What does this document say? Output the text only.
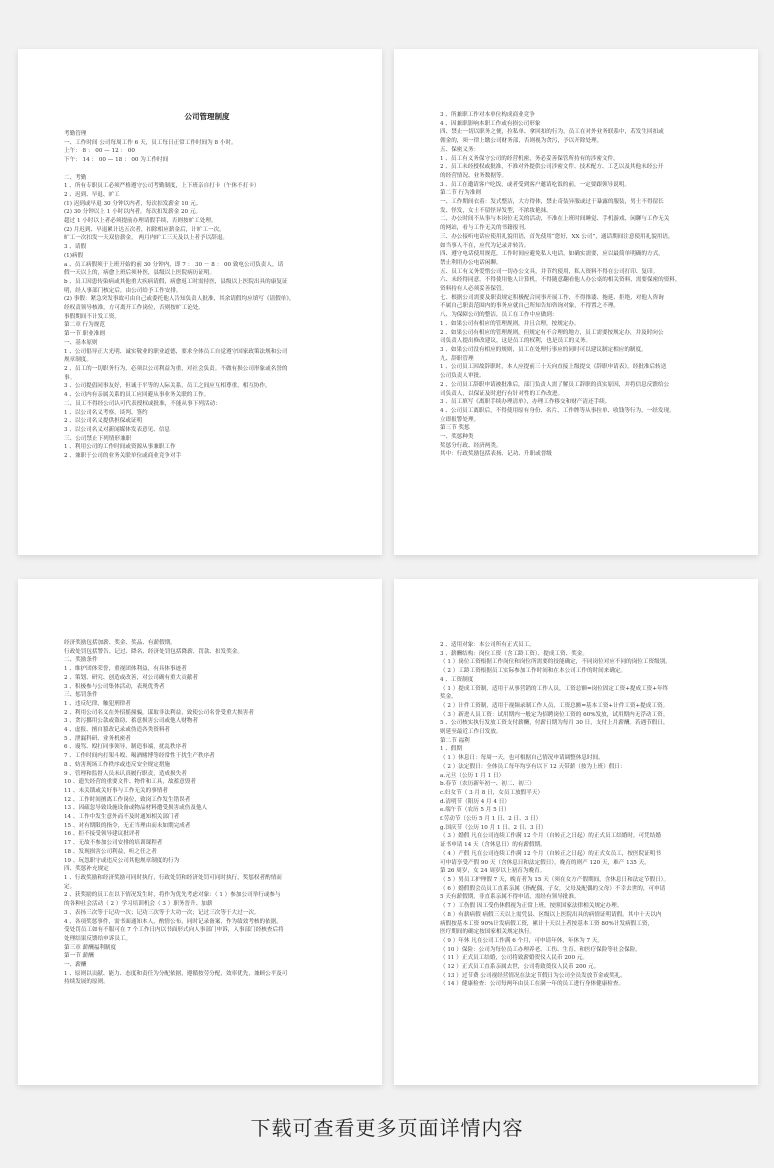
公司管理制度
考勤管理
一、工作时间 公司每周工作 6 天，员工每日正常工作时间为 8 小时。
上午： 8 ： 00 — 12 ： 00
下午： 14 ： 00 — 18 ： 00 为工作时间

二、考勤
1 、所有专职员工必须严格遵守公司考勤制度，上下班亲自打卡（午休不打卡）
2 、迟到、早退、旷工
(1) 迟到或早退 30 分钟以内者，每次扣发薪金 10 元。
(2) 30 分钟以上 1 小时以内者，每次扣发薪金 20 元。
超过 1 小时以上者必须提前办理请假手续，否则按旷工处理。
(2) 月迟到、早退累计达五次者，扣除相应薪金后，计旷工一次。
旷工一次扣发一天双倍薪金， 两月内旷工三天及以上者予以辞退。
3 、请假
(1)病假
a 、员工病假须于上班开始的前 30 分钟内，即 7 ： 30 － 8 ： 00 致电公司负责人，请
假一天以上的，病愈上班后须补医，县级以上医院病历证明。
b 、员工因患传染病或其他重大疾病请假，病愈返工时需持医，县级以上医院出具的康复证
明，经人事部门核定后，由公司给予工作安排。
(2) 事假：紧急突发事故可由自己或委托他人告知负责人批准，其余请假均应填写《请假单》，
经权责领导核准，方可离开工作岗位，否则按旷工论处。
事假期间不计发工资。
第二章 行为规范
第一节 职业准则
一、基本原则
1 、公司倡导正大光明、诚实敬业的职业道德，要求全体员工自觉遵守国家政策法规和公司
规章制度。
2 、员工的一切职务行为，必须以公司利益为重，对社会负责。不做有损公司形象或名誉的
事。
3 、公司提倡同事友好，但诚于平等的人际关系，员工之间应互相尊重，相互协作。
4 、公司内有亲属关系的员工应回避从事业务关联的工作。
二、员工不得经公司认可代表授权或批准，不能从事下列活动：
1 、以公司名义考察、谈判、签约
2 、以公司名义提供担保或证明
3 、以公司名义对新闻媒体发表意见、信息
三、公司禁止下列情形兼职
1 、利用公司的工作时间或资源从事兼职工作
2 、兼职于公司的业务关联单位或商业竞争对手
3 、所兼职工作对本单位构成商业竞争
4 、因兼职影响本职工作或有损公司形象
四、禁止一切以职务之便，拉私单、拿回扣的行为，员工在对外业务联系中，若发生回扣或
佣金的，须一律上缴公司财务部，否则视为贪污，予以开除处理。
五、保密义务：
1 、员工有义务保守公司的经营机密，务必妥善保管所持有的涉密文件。
2 、员工未经授权或批准，不准对外提供公司涉密文件、技术配方、工艺以及其他未经公开
的经营情况、业务数据等。
3 、员工在邀请客户吃饭，或者受到客户邀请吃饭的前，一定要跟领导说明。
第二节 行为准则
一、工作期间衣着：发式整洁，大方得体，禁止奇装异服或过于暴露的服装，男士不得留长
发、怪发，女士不留怪异发型，不浓妆艳抹。
二、办公时间不从事与本岗位无关的活动，不准在上班时间睡觉、手机游戏、闲聊与工作无关
的网站，看与工作无关的书籍报刊。
三、办公接听电话应使用礼貌用语，首先使用“您好，XX 公司”，通话期间注意使用礼貌用语，
如当事人不在，应代为记录并转告。
四、遵守电话使用规范，工作时间应避免私人电话，如确实需要，应以最简单明确的方式，
禁止利用办公电话闲聊。
五、员工有义务爱惜公司一切办公文具，并节约使用，私人资料不得在公司打印、复印。
六、未经得同意，不得使用他人计算机，不得随意翻看他人办公桌的相关资料，需要保密的资料，
资料持有人必须妥善保管。
七、根据公司需要及职责规定积极配合同事开展工作，不得推诿、拖延、拒绝，对他人咨询
不属自己职责范围内的事务应就自己所知告知咨询对象，不得置之不理。
八、为保障公司的整洁，员工在工作中应做到：
1 、如果公司有相应的管理规则，并且合理，按规定办。
2 、如果公司有相应的管理规则，但规定有不合理的地方，员工需要按规定办，并及时向公
司负责人提出修改建议，这是员工的权利，也是员工的义务。
3 、如果公司没有相应的规则，员工在处理行事应的同时可以建议制定相应的制度。
九、辞职管理
1 、公司员工因故辞职时，本人应提前三十天向直接上级提交《辞职申请表》，经批准后转送
公司负责人审批。
2 、公司员工辞职申请被批准后，部门负责人需了解员工辞职的真实原因，并将信息反馈给公
司负责人，以保证及时进行有针对性的工作改进。
3 、员工填写《离职手续办理清单》，办理工作移交和财产清还手续。
4 、公司员工离职后，不得使用原有身份、名片、工作牌等从事拉单、收钱等行为，一经发现，
立即报警处理。
第三节 奖惩
一、奖惩种类
奖惩分行政、经济两类。
其中：行政奖励包括表扬、记功、升职或晋级
经济奖励包括加薪、奖金、奖品、有薪假期。
行政处罚包括警告、记过、降名、经济处罚包括降薪、罚款、扣发奖金。
二、奖励条件
1 、维护团体荣誉，重视团体利益，有具体事迹者
2 、策划、研究、创造或改善，对公司确有重大贡献者
3 、积极参与公司集体活动，表现优秀者
三、惩罚条件
1 、违反纪律，触犯刑律者
2 、利用公司名义在外招摇撞骗，谋取非法利益，致使公司名誉受重大损害者
3 、贪污挪用公款或盗窃、蓄意损害公司或他人财物者
4 、虚报、擅自篡改记录或伪造各类资料者
5 、泄漏科研、业务机密者
6 、谩骂、殴打同事领导，制造事端，扰乱秩序者
7 、工作时间内打架斗殴、喝酒赌博等经常性干扰生产秩序者
8 、妨害现场工作秩序或违反安全规定措施
9 、管理和监督人员未认真履行职责，造成损失者
10 、遗失经营的重要文件、物件和工具，故蓄意毁者
11 、未关锁或关好事与工作无关的事情者
12 、工作时间擅离工作岗位，致岗工作发生错误者
13 、因疏忽导致设施设备或物品材料遭受损害或伤及他人
14 、工作中发生意外而不及时通知相关部门者
15 、对有期限的指令，无正当理由而未如期完成者
16 、拒不接受领导建议批评者
17 、无故不参加公司安排的培训课程者
18 、发现损害公司利益，听之任之者
19 、玩忽职守或违反公司其他规章制度的行为
四、奖惩补充规定
1 、行政奖励和经济奖励可同时执行，行政处罚和经济处罚可同时执行，奖惩权者酌情而
定。
2 、获奖励的员工在以下情况发生时，将作为优先考虑对象：（ 1 ）参加公司举行或参与
的各种社会活动（ 2 ）学习培训机会（ 3 ）职务晋升、加薪
3 、表扬三次等于记功一次；记功三次等于大功一次；记过三次等于大过一次。
4 、各项奖惩事件，需书面通知本人，酌情公布，同时记录备案，作为绩效考核的依据。
受处罚员工如有不服可在 7 个工作日内以书面形式向人事部门申诉，人事部门经核查后将
处理结果反馈给申诉员工。
第三章 薪酬福利制度
第一节 薪酬
一、薪酬
1 、原则以贡献、能力、态度和责任为分配依据，遵循按劳分配，效率优先，兼顾公平及可
持续发展的原则。
2 、适用对象：本公司所有正式员工。
3 、薪酬结构：岗位工资（含工龄工资）、提成工资、奖金。
（ 1 ）岗位工资根据工作岗位和岗位所需要的技能确定，不同岗位对应不同的岗位工资级别。
（ 2 ）工龄工资根据员工实际参加工作时间和在本公司工作的时间来确定。
4 、工资制度
（ 1 ）提成工资制，适用于从事营销的工作人员，工资总额=岗位固定工资+提成工资+年终
奖金。
（ 2 ）计件工资制，适用于视频录制工作人员，工资总额=基本工资+计件工资+提成工资。
（ 3 ）新进人员工资：试用期内一般定为招聘岗位工资的 60%发放，试用期内无浮动工资。
5 、公司核实执行发放工资支付薪酬，付薪日期为每月 30 日，支付上月薪酬。若遇节假日，
则延至最近工作日发放。
第二节 福利
1 、假期
（ 1 ）休息日：每周一天，也可根据自己情况申请调整休息时间。
（ 2 ）法定假日：全体员工每年均享有以下 12 天带薪（按为上班）假日：
a.元旦（公历 1 月 1 日）
b.春节（农历新年初一、初二、初三）
c.妇女节（ 3 月 8 日，女员工放假半天）
d.清明节（阳历 4 月 4 日）
e.端午节（农历 5 月 5 日）
f.劳动节（公历 5 月 1 日、2 日、3 日）
g.国庆节（公历 10 月 1 日、2 日、3 日）
（ 3 ）婚假 凡在公司连续工作满 12 个月（自转正之日起）的正式员工结婚时，可凭结婚
证书申请 14 天（含休息日）的有薪假期。
（ 4 ）产假 凡在公司连续工作满 12 个月（自转正之日起）的正式女员工，按医院证明书
可申请享受产假 90 天（含休息日和法定假日），晚育的则产 120 天，难产 135 天，
第 26 周岁，女 24 周岁以上初育为晚育。
（ 5 ）男员工护理假 7 天，晚育者为 15 天（须在女方产假期间，含休息日和法定节假日）。
（ 6 ）婚假假会员员工直系亲属（指配偶，子女，父母及配偶的父母）不幸去世的，可申请
5 天有薪假期，非直系亲属不得申请，需经有领导批准。
（ 7 ）工伤假 因工受伤休假视为正常上班，按照国家法律相关规定办理。
（ 8 ）有薪病假 病假三天以上需凭县、区级以上医院出具的病情证明请假。其中十天以内
病假按基本工资 90%计发病假工资，累计十天以上者按基本工资 80%计发病假工资，
医疗期间的确定按国家相关规定执行。
（ 9 ）年休 凡在公司工作满 6 个月，可申请年休，年休为 7 天。
（ 10 ）保险：公司为每位员工办理养老、工伤、生育、和医疗保险等社会保险。
（ 11 ）正式员工结婚，公司将致薪婚贺仪人民币 200 元。
（ 12 ）正式员工直系亲属去世，公司将致奠仪人民币 200 元。
（ 13 ）过节费 公司视经营情况在法定节假日为公司全员发放节金或奖礼。
（ 14 ）健康检查：公司每两年由员工在满一年的员工进行身体健康检查。
下载可查看更多页面详情内容
